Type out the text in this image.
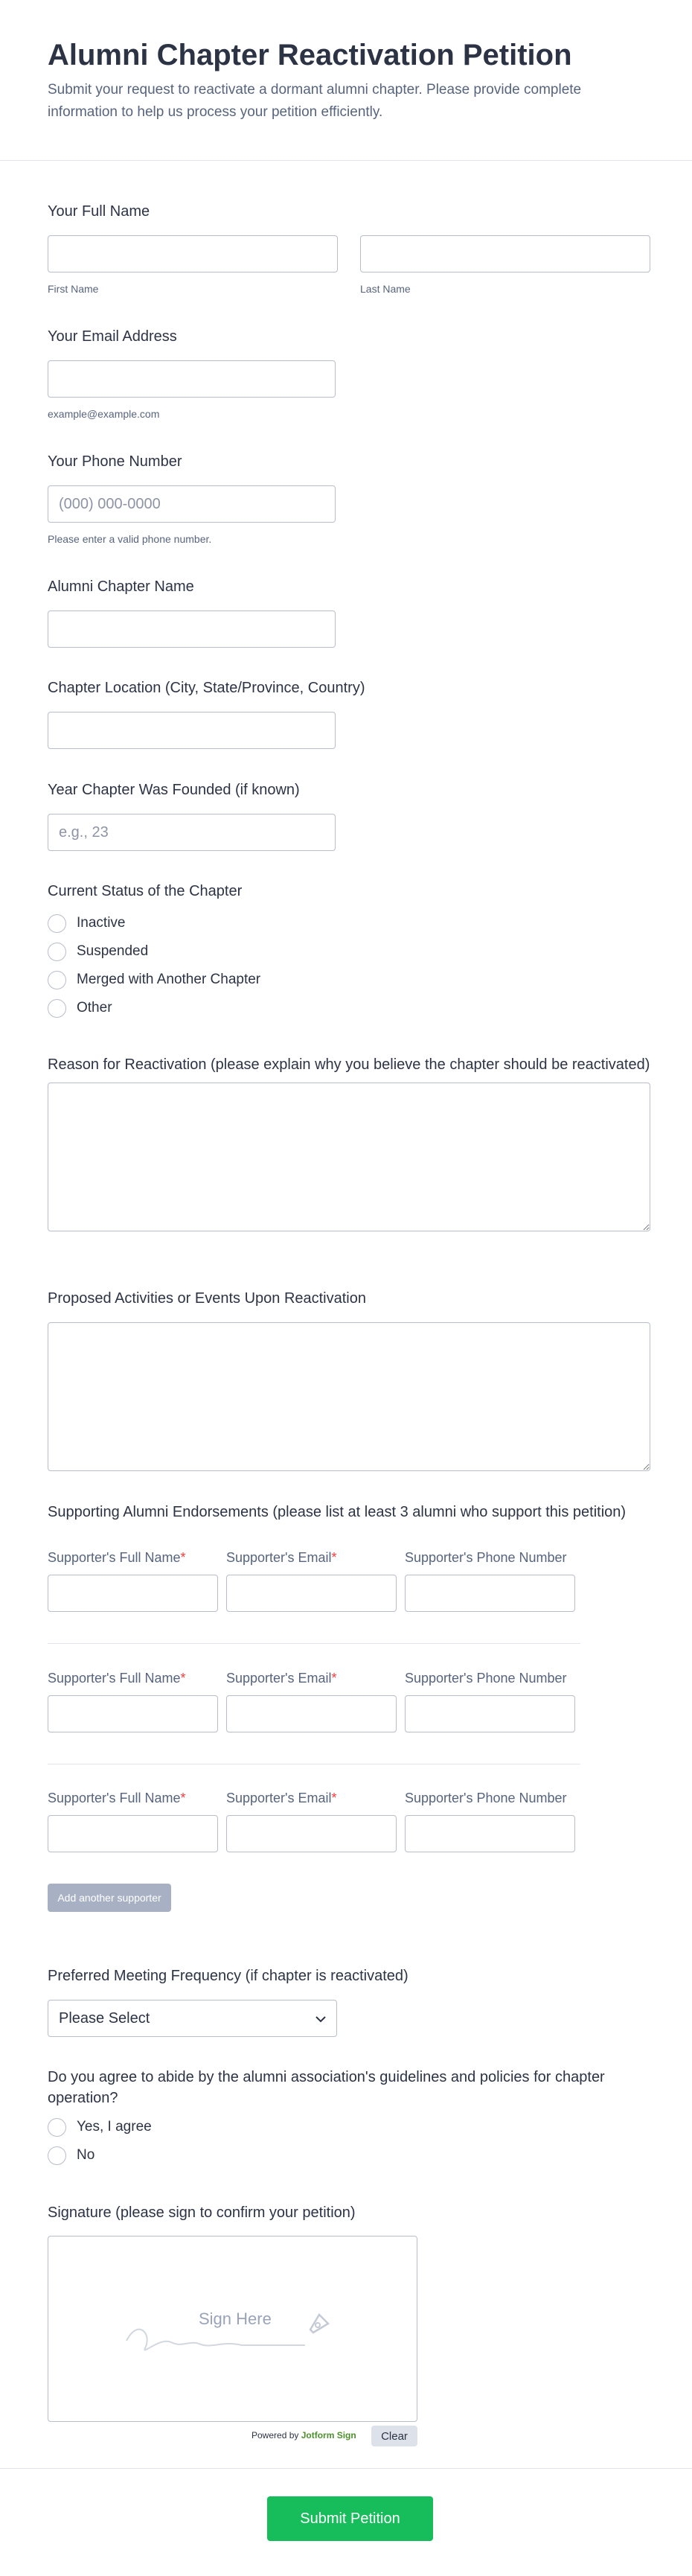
Alumni Chapter Reactivation Petition

Submit your request to reactivate a dormant alumni chapter. Please provide complete information to help us process your petition efficiently.

Your Full Name
First Name	Last Name
Your Email Address
example@example.com
Your Phone Number
(000) 000-0000
Please enter a valid phone number.
Alumni Chapter Name
Chapter Location (City, State/Province, Country)
Year Chapter Was Founded (if known)
e.g., 23
Current Status of the Chapter
Inactive
Suspended
Merged with Another Chapter
Other
Reason for Reactivation (please explain why you believe the chapter should be reactivated)
Proposed Activities or Events Upon Reactivation
Supporting Alumni Endorsements (please list at least 3 alumni who support this petition)
Supporter's Full Name*	Supporter's Email*	Supporter's Phone Number
Supporter's Full Name*	Supporter's Email*	Supporter's Phone Number
Supporter's Full Name*	Supporter's Email*	Supporter's Phone Number
Add another supporter
Preferred Meeting Frequency (if chapter is reactivated)
Please Select
Do you agree to abide by the alumni association's guidelines and policies for chapter operation?
Yes, I agree
No
Signature (please sign to confirm your petition)
Sign Here
Powered by Jotform Sign	Clear
Submit Petition
